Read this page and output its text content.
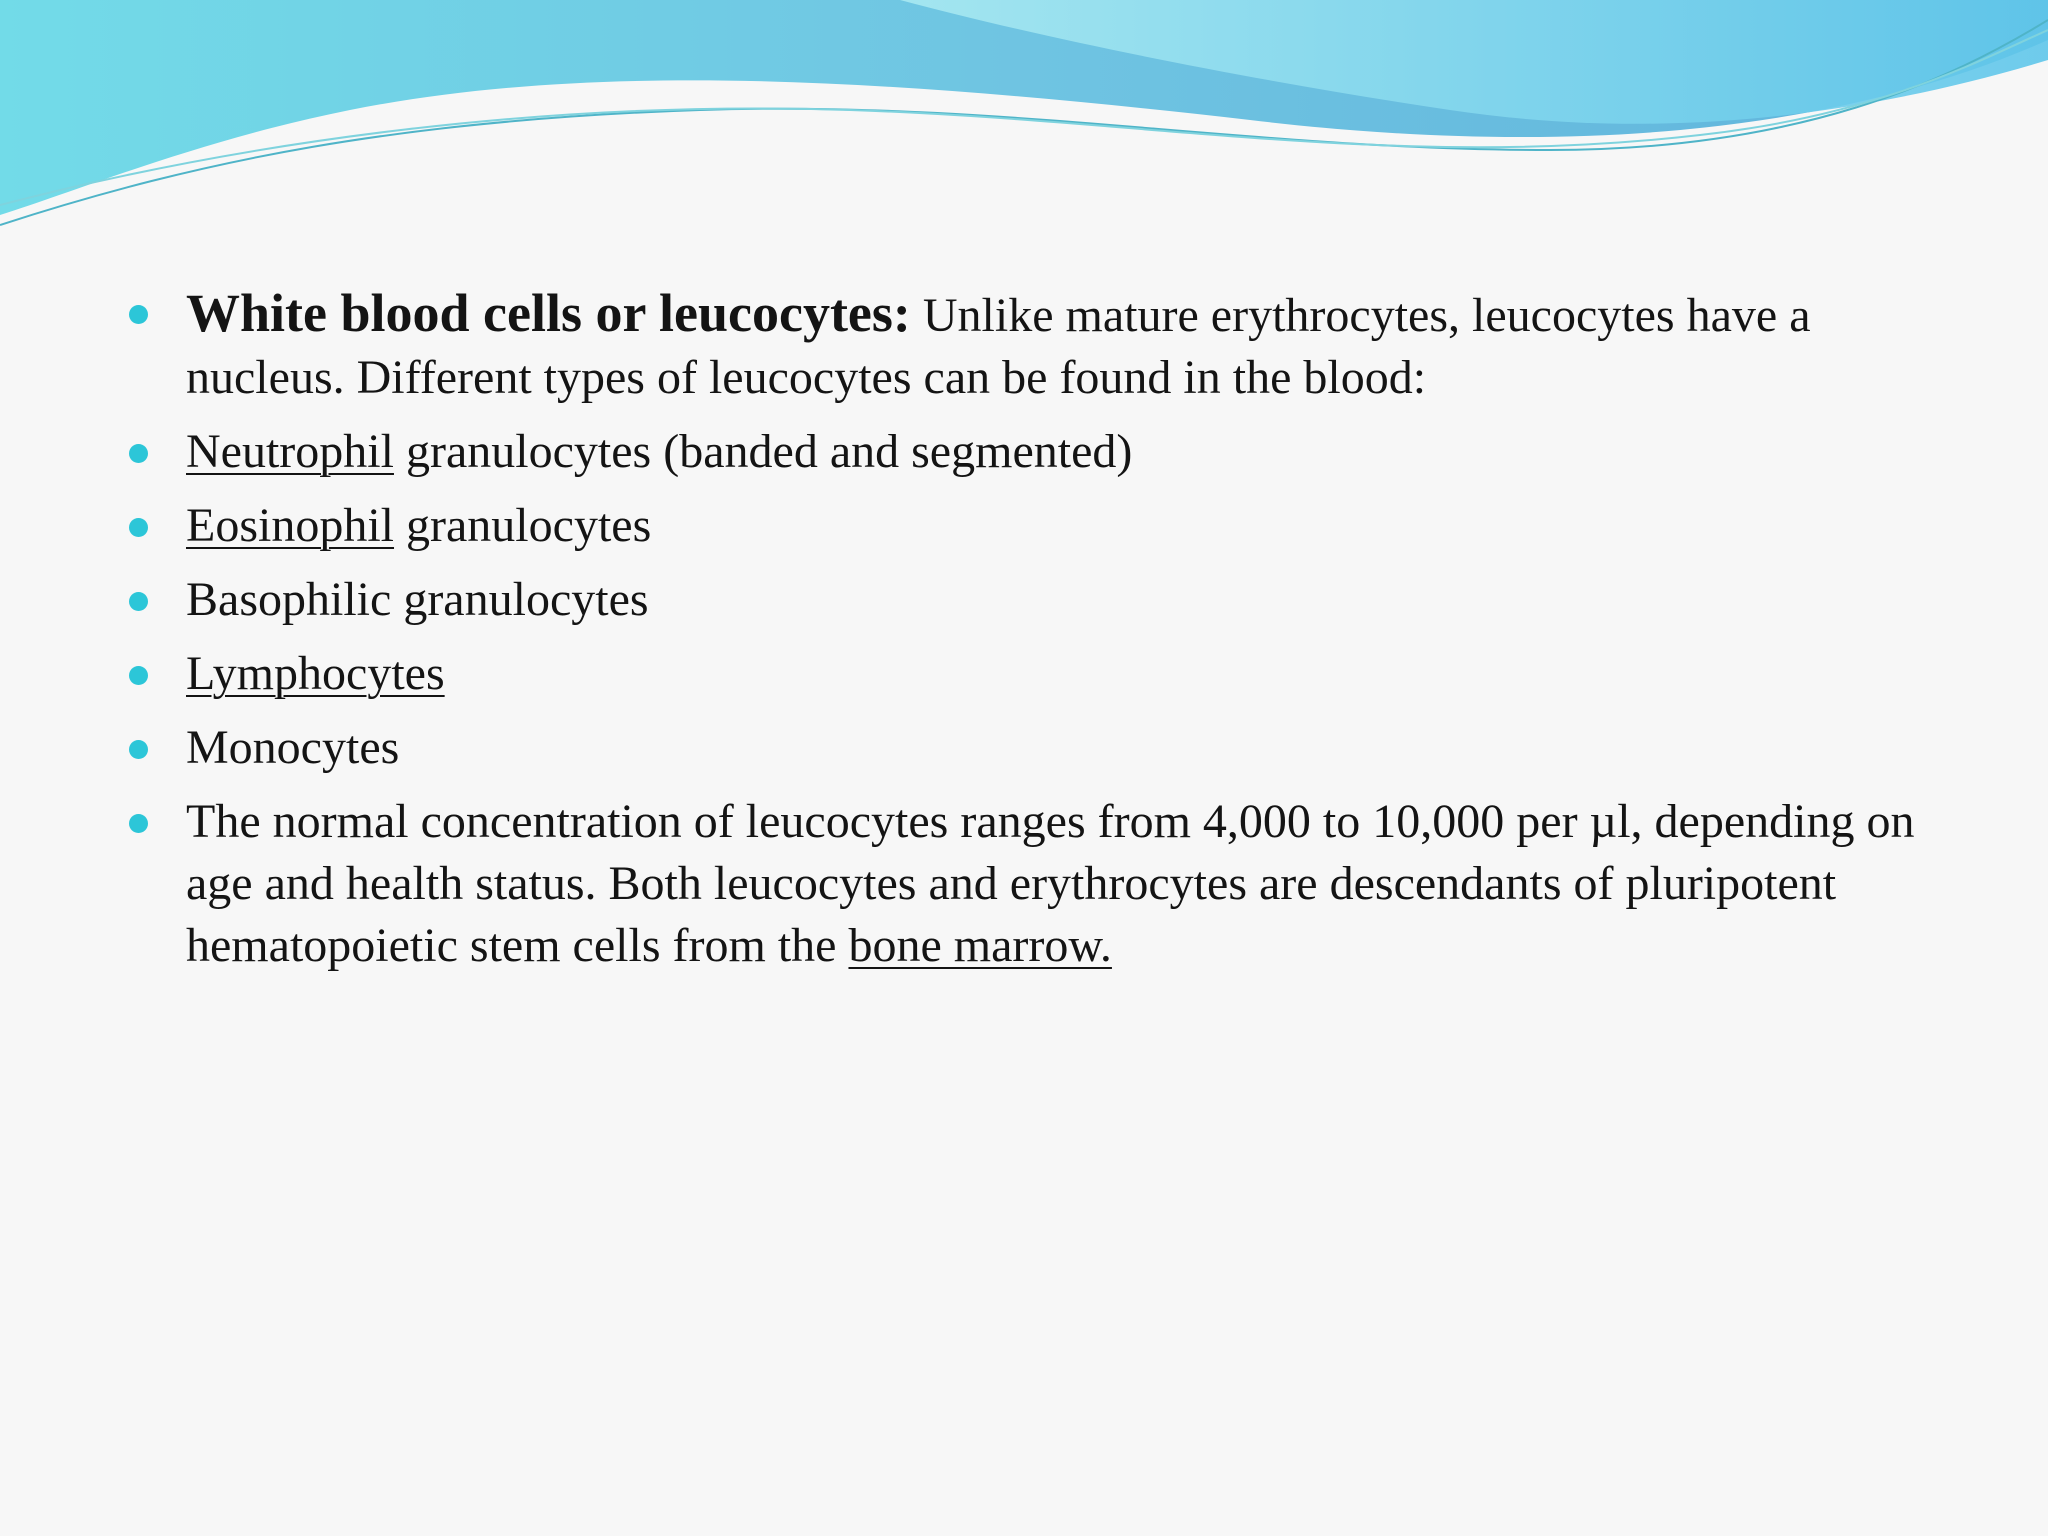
White blood cells or leucocytes: Unlike mature erythrocytes, leucocytes have a nucleus. Different types of leucocytes can be found in the blood:
Neutrophil granulocytes (banded and segmented)
Eosinophil granulocytes
Basophilic granulocytes
Lymphocytes
Monocytes
The normal concentration of leucocytes ranges from 4,000 to 10,000 per µl, depending on age and health status. Both leucocytes and erythrocytes are descendants of pluripotent hematopoietic stem cells from the bone marrow.
